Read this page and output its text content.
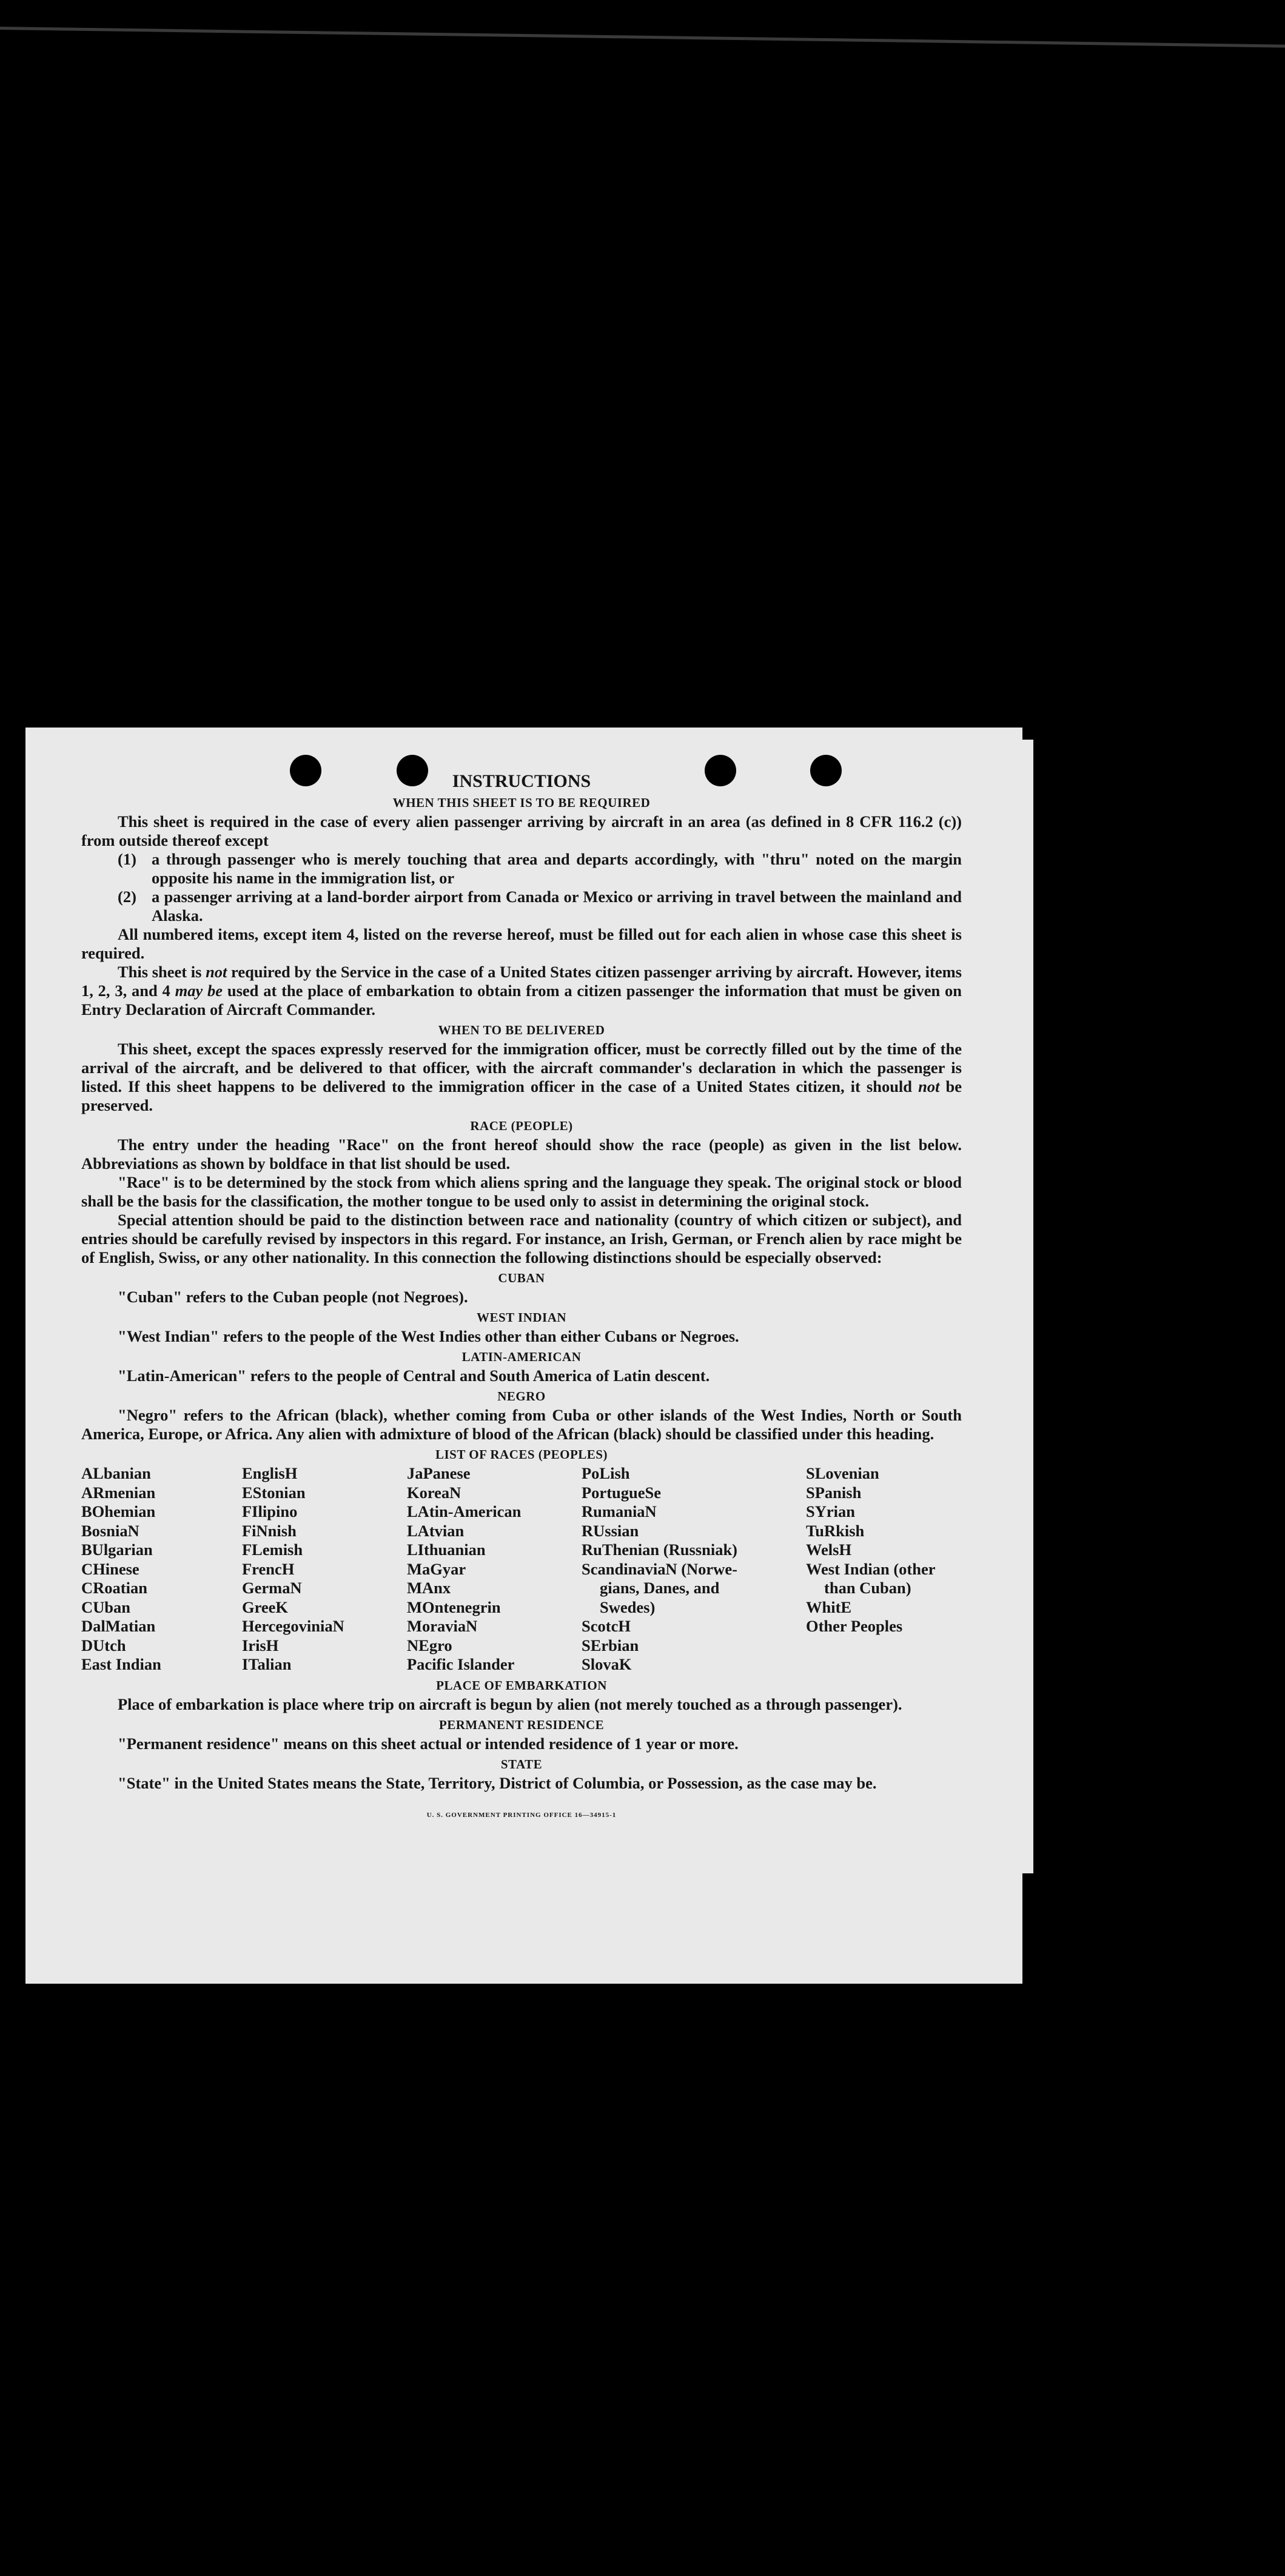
INSTRUCTIONS
WHEN THIS SHEET IS TO BE REQUIRED

This sheet is required in the case of every alien passenger arriving by aircraft in an area (as defined in 8 CFR 116.2 (c)) from outside thereof except

(1) a through passenger who is merely touching that area and departs accordingly, with "thru" noted on the margin opposite his name in the immigration list, or
(2) a passenger arriving at a land-border airport from Canada or Mexico or arriving in travel between the mainland and Alaska.

All numbered items, except item 4, listed on the reverse hereof, must be filled out for each alien in whose case this sheet is required.

This sheet is not required by the Service in the case of a United States citizen passenger arriving by aircraft. However, items 1, 2, 3, and 4 may be used at the place of embarkation to obtain from a citizen passenger the information that must be given on Entry Declaration of Aircraft Commander.

WHEN TO BE DELIVERED

This sheet, except the spaces expressly reserved for the immigration officer, must be correctly filled out by the time of the arrival of the aircraft, and be delivered to that officer, with the aircraft commander's declaration in which the passenger is listed. If this sheet happens to be delivered to the immigration officer in the case of a United States citizen, it should not be preserved.

RACE (PEOPLE)

The entry under the heading "Race" on the front hereof should show the race (people) as given in the list below. Abbreviations as shown by boldface in that list should be used.

"Race" is to be determined by the stock from which aliens spring and the language they speak. The original stock or blood shall be the basis for the classification, the mother tongue to be used only to assist in determining the original stock.

Special attention should be paid to the distinction between race and nationality (country of which citizen or subject), and entries should be carefully revised by inspectors in this regard. For instance, an Irish, German, or French alien by race might be of English, Swiss, or any other nationality. In this connection the following distinctions should be especially observed:

CUBAN

"Cuban" refers to the Cuban people (not Negroes).

WEST INDIAN

"West Indian" refers to the people of the West Indies other than either Cubans or Negroes.

LATIN-AMERICAN

"Latin-American" refers to the people of Central and South America of Latin descent.

NEGRO

"Negro" refers to the African (black), whether coming from Cuba or other islands of the West Indies, North or South America, Europe, or Africa. Any alien with admixture of blood of the African (black) should be classified under this heading.

LIST OF RACES (PEOPLES)
ALbanian
ARmenian
BOhemian
BosniaN
BUlgarian
CHinese
CRoatian
CUban
DalMatian
DUtch
East Indian
EnglisH
EStonian
FIlipino
FiNnish
FLemish
FrencH
GermaN
GreeK
HercegoviniaN
IrisH
ITalian
JaPanese
KoreaN
LAtin-American
LAtvian
LIthuanian
MaGyar
MAnx
MOntenegrin
MoraviaN
NEgro
Pacific Islander
PoLish
PortugueSe
RumaniaN
RUssian
RuThenian (Russniak)
ScandinaviaN (Norwe-
gians, Danes, and
Swedes)
ScotcH
SErbian
SlovaK
SLovenian
SPanish
SYrian
TuRkish
WelsH
West Indian (other
than Cuban)
WhitE
Other Peoples
PLACE OF EMBARKATION

Place of embarkation is place where trip on aircraft is begun by alien (not merely touched as a through passenger).

PERMANENT RESIDENCE

"Permanent residence" means on this sheet actual or intended residence of 1 year or more.

STATE

"State" in the United States means the State, Territory, District of Columbia, or Possession, as the case may be.

U. S. GOVERNMENT PRINTING OFFICE 16—34915-1
